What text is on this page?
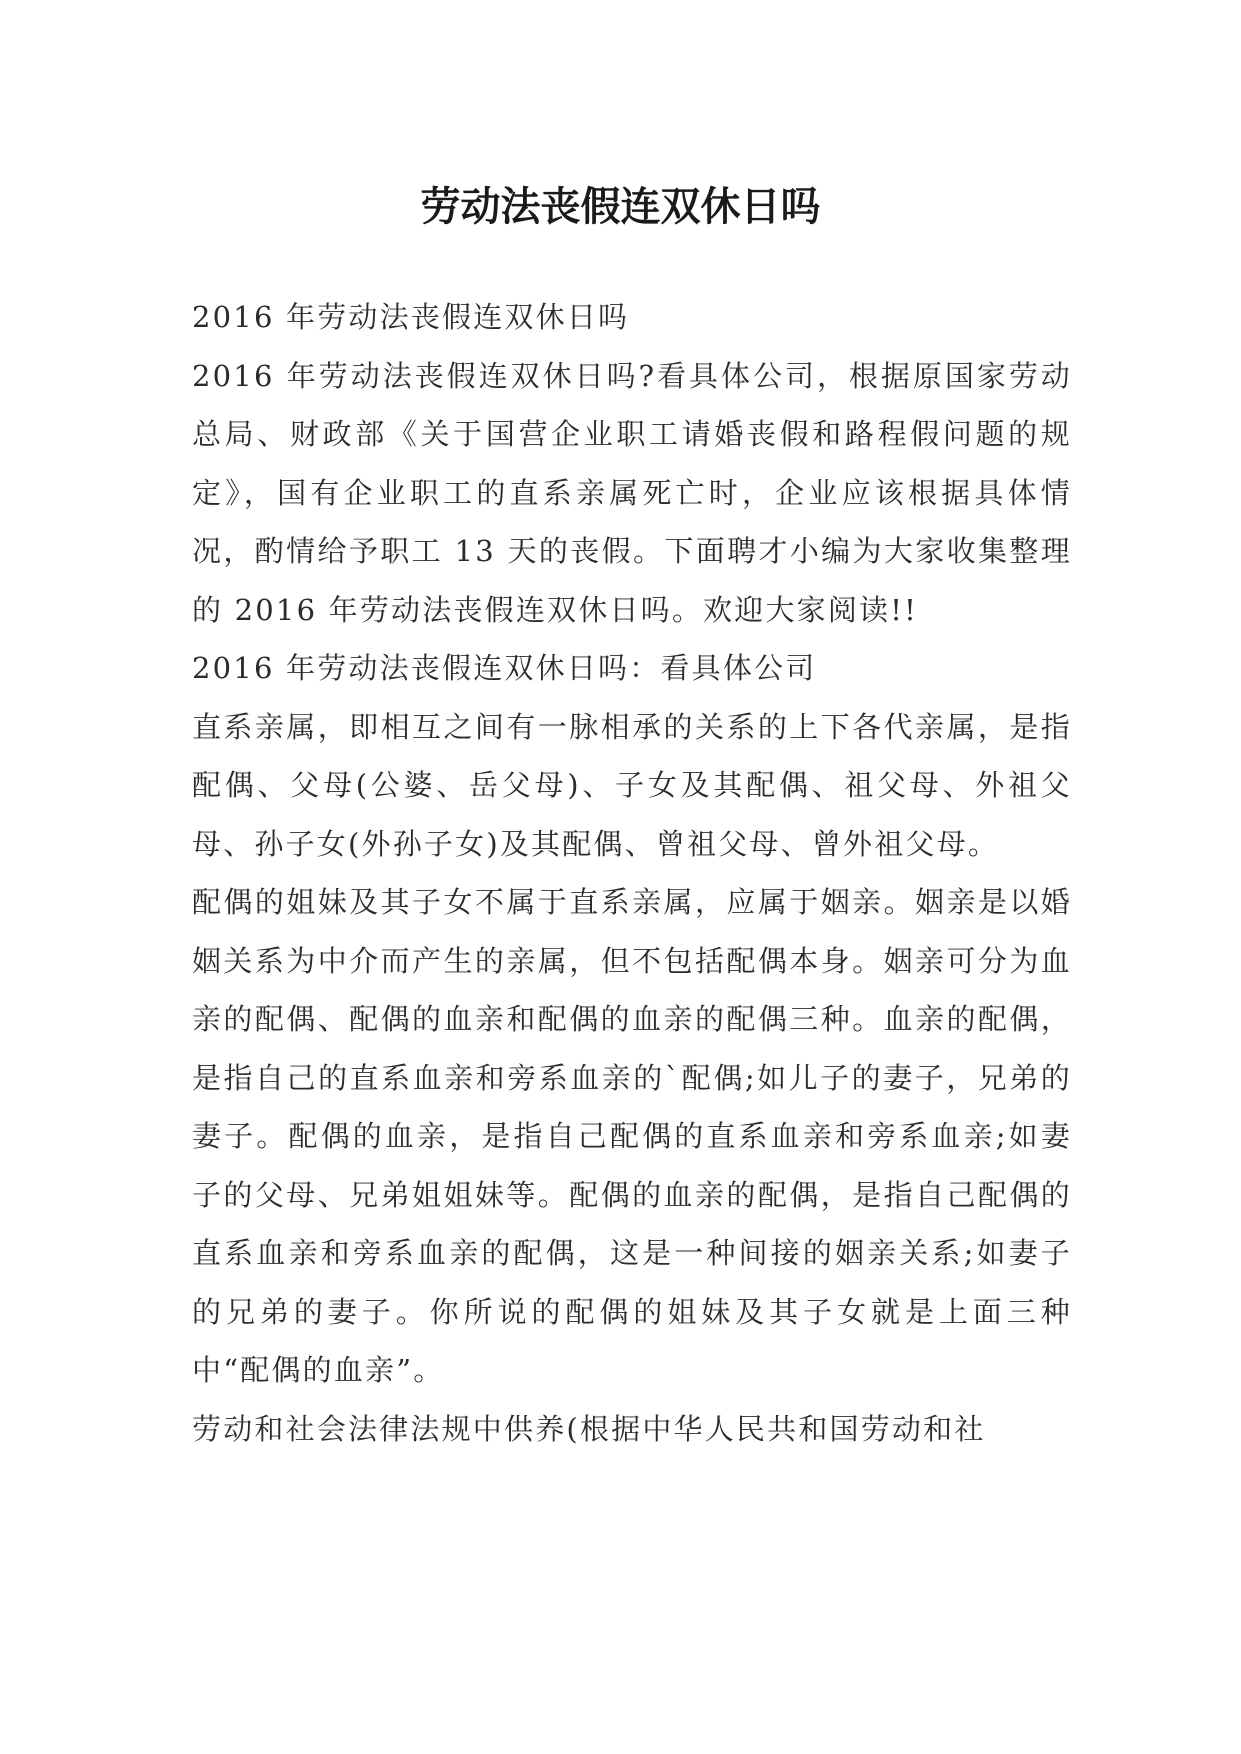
劳动法丧假连双休日吗

2016 年劳动法丧假连双休日吗

2016 年劳动法丧假连双休日吗?看具体公司，根据原国家劳动总局、财政部《关于国营企业职工请婚丧假和路程假问题的规定》，国有企业职工的直系亲属死亡时，企业应该根据具体情况，酌情给予职工 13 天的丧假。下面聘才小编为大家收集整理的 2016 年劳动法丧假连双休日吗。欢迎大家阅读!!

2016 年劳动法丧假连双休日吗：看具体公司

直系亲属，即相互之间有一脉相承的关系的上下各代亲属，是指配偶、父母(公婆、岳父母)、子女及其配偶、祖父母、外祖父母、孙子女(外孙子女)及其配偶、曾祖父母、曾外祖父母。

配偶的姐妹及其子女不属于直系亲属，应属于姻亲。姻亲是以婚姻关系为中介而产生的亲属，但不包括配偶本身。姻亲可分为血亲的配偶、配偶的血亲和配偶的血亲的配偶三种。血亲的配偶，是指自己的直系血亲和旁系血亲的`配偶;如儿子的妻子，兄弟的妻子。配偶的血亲，是指自己配偶的直系血亲和旁系血亲;如妻子的父母、兄弟姐姐妹等。配偶的血亲的配偶，是指自己配偶的直系血亲和旁系血亲的配偶，这是一种间接的姻亲关系;如妻子的兄弟的妻子。你所说的配偶的姐妹及其子女就是上面三种中“配偶的血亲”。

劳动和社会法律法规中供养(根据中华人民共和国劳动和社
